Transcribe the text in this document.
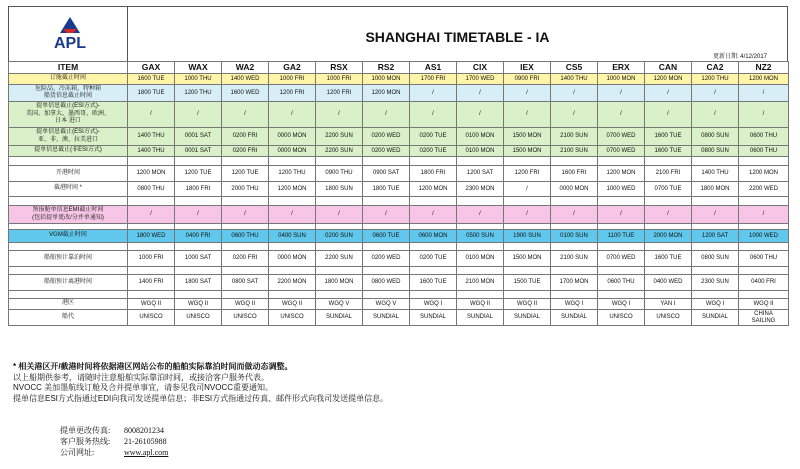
APL	SHANGHAI TIMETABLE - IA
更新日期: 4/12/2017
ITEM	GAX	WAX	WA2	GA2	RSX	RS2	AS1	CIX	IEX	CS5	ERX	CAN	CA2	NZ2
订舱截止时间	1600 TUE	1000 THU	1400 WED	1000 FRI	1000 FRI	1000 MON	1700 FRI	1700 WED	0900 FRI	1400 THU	1000 MON	1200 MON	1200 THU	1200 MON
危险品、冷冻箱、特种箱
船货信息截止时间	1800 TUE	1200 THU	1600 WED	1200 FRI	1200 FRI	1200 MON	/	/	/	/	/	/	/	/
提单信息截止(ESI方式)-
美国、加拿大、墨西哥、欧洲、
日本 进口	/	/	/	/	/	/	/	/	/	/	/	/	/	/
提单信息截止(ESI方式)-
亚、非、澳、拉美进口	1400 THU	0001 SAT	0200 FRI	0000 MON	2200 SUN	0200 WED	0200 TUE	0100 MON	1500 MON	2100 SUN	0700 WED	1600 TUE	0800 SUN	0600 THU
提单信息截止(非ESI方式)	1400 THU	0001 SAT	0200 FRI	0000 MON	2200 SUN	0200 WED	0200 TUE	0100 MON	1500 MON	2100 SUN	0700 WED	1600 TUE	0800 SUN	0600 THU

开港时间	1200 MON	1200 TUE	1200 TUE	1200 THU	0900 THU	0900 SAT	1800 FRI	1200 SAT	1200 FRI	1600 FRI	1200 MON	2100 FRI	1400 THU	1200 MON
截港时间 *	0800 THU	1800 FRI	2000 THU	1200 MON	1800 SUN	1800 TUE	1200 MON	2300 MON	/	0000 MON	1000 WED	0700 TUE	1800 MON	2200 WED

预报舱单信息EMI截止时间
(包括提单更改/分并单通知)	/	/	/	/	/	/	/	/	/	/	/	/	/	/

VGM截止时间	1800 WED	0400 FRI	0600 THU	0400 SUN	0200 SUN	0600 TUE	0600 MON	0500 SUN	1900 SUN	0100 SUN	1100 TUE	2000 MON	1200 SAT	1000 WED

船舶预计靠泊时间	1000 FRI	1000 SAT	0200 FRI	0000 MON	2200 SUN	0200 WED	0200 TUE	0100 MON	1500 MON	2100 SUN	0700 WED	1600 TUE	0800 SUN	0600 THU

船舶预计离港时间	1400 FRI	1800 SAT	0800 SAT	2200 MON	1800 MON	0800 WED	1600 TUE	2100 MON	1500 TUE	1700 MON	0600 THU	0400 WED	2300 SUN	0400 FRI

港区	WGQ II	WGQ II	WGQ II	WGQ II	WGQ V	WGQ V	WGQ I	WGQ II	WGQ II	WGQ I	WGQ I	YAN I	WGQ I	WGQ II
船代	UNISCO	UNISCO	UNISCO	UNISCO	SUNDIAL	SUNDIAL	SUNDIAL	SUNDIAL	SUNDIAL	SUNDIAL	UNISCO	UNISCO	SUNDIAL	CHINA
SAILING
* 相关港区开/截港时间将依据港区网站公布的船舶实际靠泊时间而做动态调整。
以上船期供参考，请随时注意船舶实际靠泊时间，或接洽客户服务代表。
NVOCC 美加墨航线订舱及合并提单事宜，请参见我司NVOCC重要通知。
提单信息ESI方式指通过EDI向我司发送提单信息；非ESI方式指通过传真、邮件形式向我司发送提单信息。
提单更改传真: 8008201234
客户服务热线: 21-26105988
公司网址:	www.apl.com
